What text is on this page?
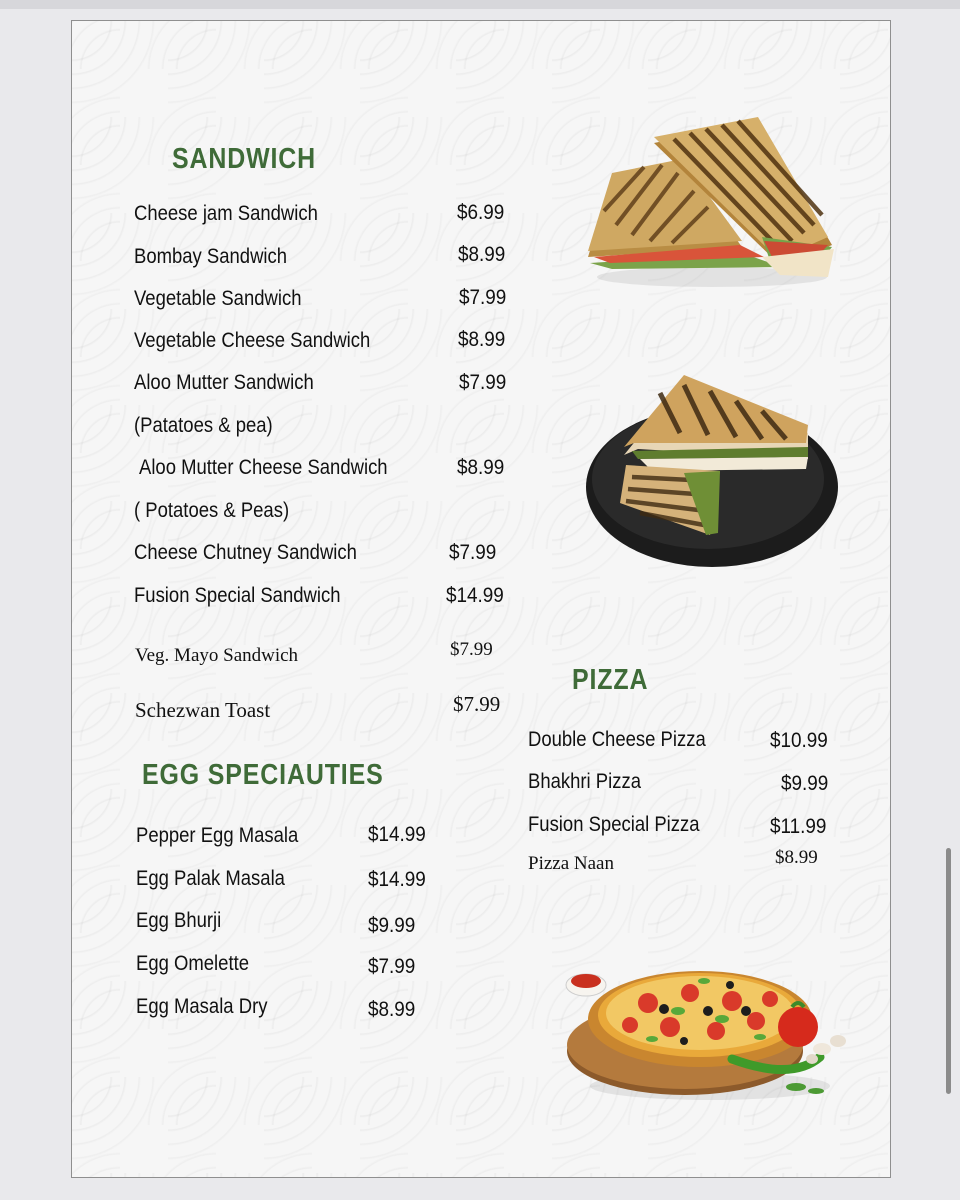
SANDWICH
Cheese jam Sandwich	$6.99
Bombay Sandwich	$8.99
Vegetable Sandwich	$7.99
Vegetable Cheese Sandwich	$8.99
Aloo Mutter Sandwich	$7.99
(Patatoes & pea)
Aloo Mutter Cheese Sandwich	$8.99
( Potatoes & Peas)
Cheese Chutney Sandwich	$7.99
Fusion Special Sandwich	$14.99
Veg. Mayo Sandwich	$7.99
Schezwan Toast	$7.99
EGG SPECIAUTIES
Pepper Egg Masala	$14.99
Egg Palak Masala	$14.99
Egg Bhurji	$9.99
Egg Omelette	$7.99
Egg Masala Dry	$8.99
PIZZA
Double Cheese Pizza	$10.99
Bhakhri Pizza	$9.99
Fusion Special Pizza	$11.99
Pizza Naan	$8.99
